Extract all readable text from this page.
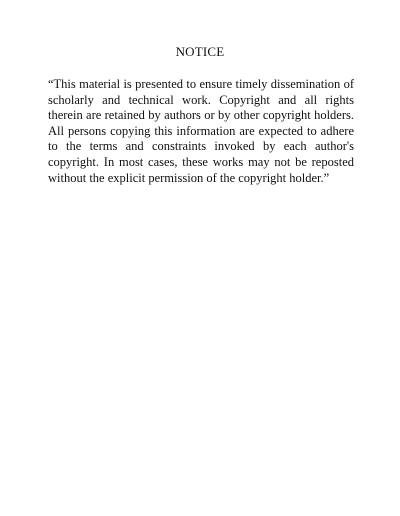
NOTICE

“This material is presented to ensure timely dissemination of scholarly and technical work. Copyright and all rights therein are retained by authors or by other copyright holders. All persons copying this information are expected to adhere to the terms and constraints invoked by each author's copyright. In most cases, these works may not be reposted without the explicit permission of the copyright holder.”
